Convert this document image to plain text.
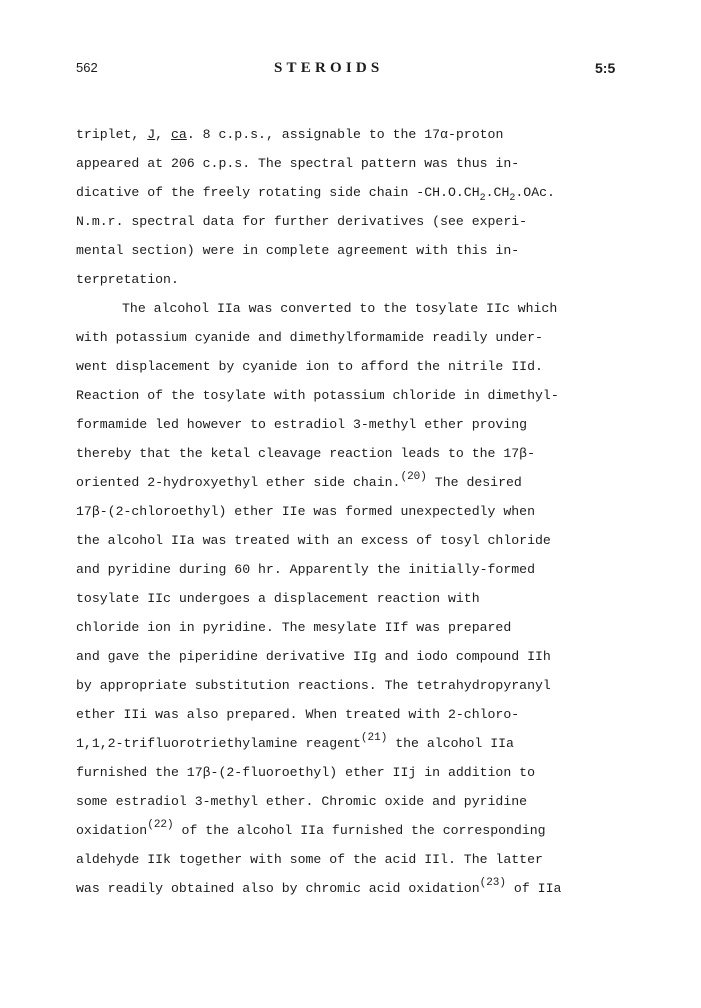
562	STEROIDS	5:5
triplet, J, ca. 8 c.p.s., assignable to the 17α-proton
appeared at 206 c.p.s. The spectral pattern was thus in-
dicative of the freely rotating side chain $-CH.O.CH_2.CH_2.OAc$.
N.m.r. spectral data for further derivatives (see experi-
mental section) were in complete agreement with this in-
terpretation.
The alcohol IIa was converted to the tosylate IIc which
with potassium cyanide and dimethylformamide readily under-
went displacement by cyanide ion to afford the nitrile IId.
Reaction of the tosylate with potassium chloride in dimethyl-
formamide led however to estradiol 3-methyl ether proving
thereby that the ketal cleavage reaction leads to the 17β-
oriented 2-hydroxyethyl ether side chain.$^{(20)}$ The desired
17β-(2-chloroethyl) ether IIe was formed unexpectedly when
the alcohol IIa was treated with an excess of tosyl chloride
and pyridine during 60 hr. Apparently the initially-formed
tosylate IIc undergoes a displacement reaction with
chloride ion in pyridine. The mesylate IIf was prepared
and gave the piperidine derivative IIg and iodo compound IIh
by appropriate substitution reactions. The tetrahydropyranyl
ether IIi was also prepared. When treated with 2-chloro-
1,1,2-trifluorotriethylamine reagent$^{(21)}$ the alcohol IIa
furnished the 17β-(2-fluoroethyl) ether IIj in addition to
some estradiol 3-methyl ether. Chromic oxide and pyridine
oxidation$^{(22)}$ of the alcohol IIa furnished the corresponding
aldehyde IIk together with some of the acid IIl. The latter
was readily obtained also by chromic acid oxidation$^{(23)}$ of IIa
